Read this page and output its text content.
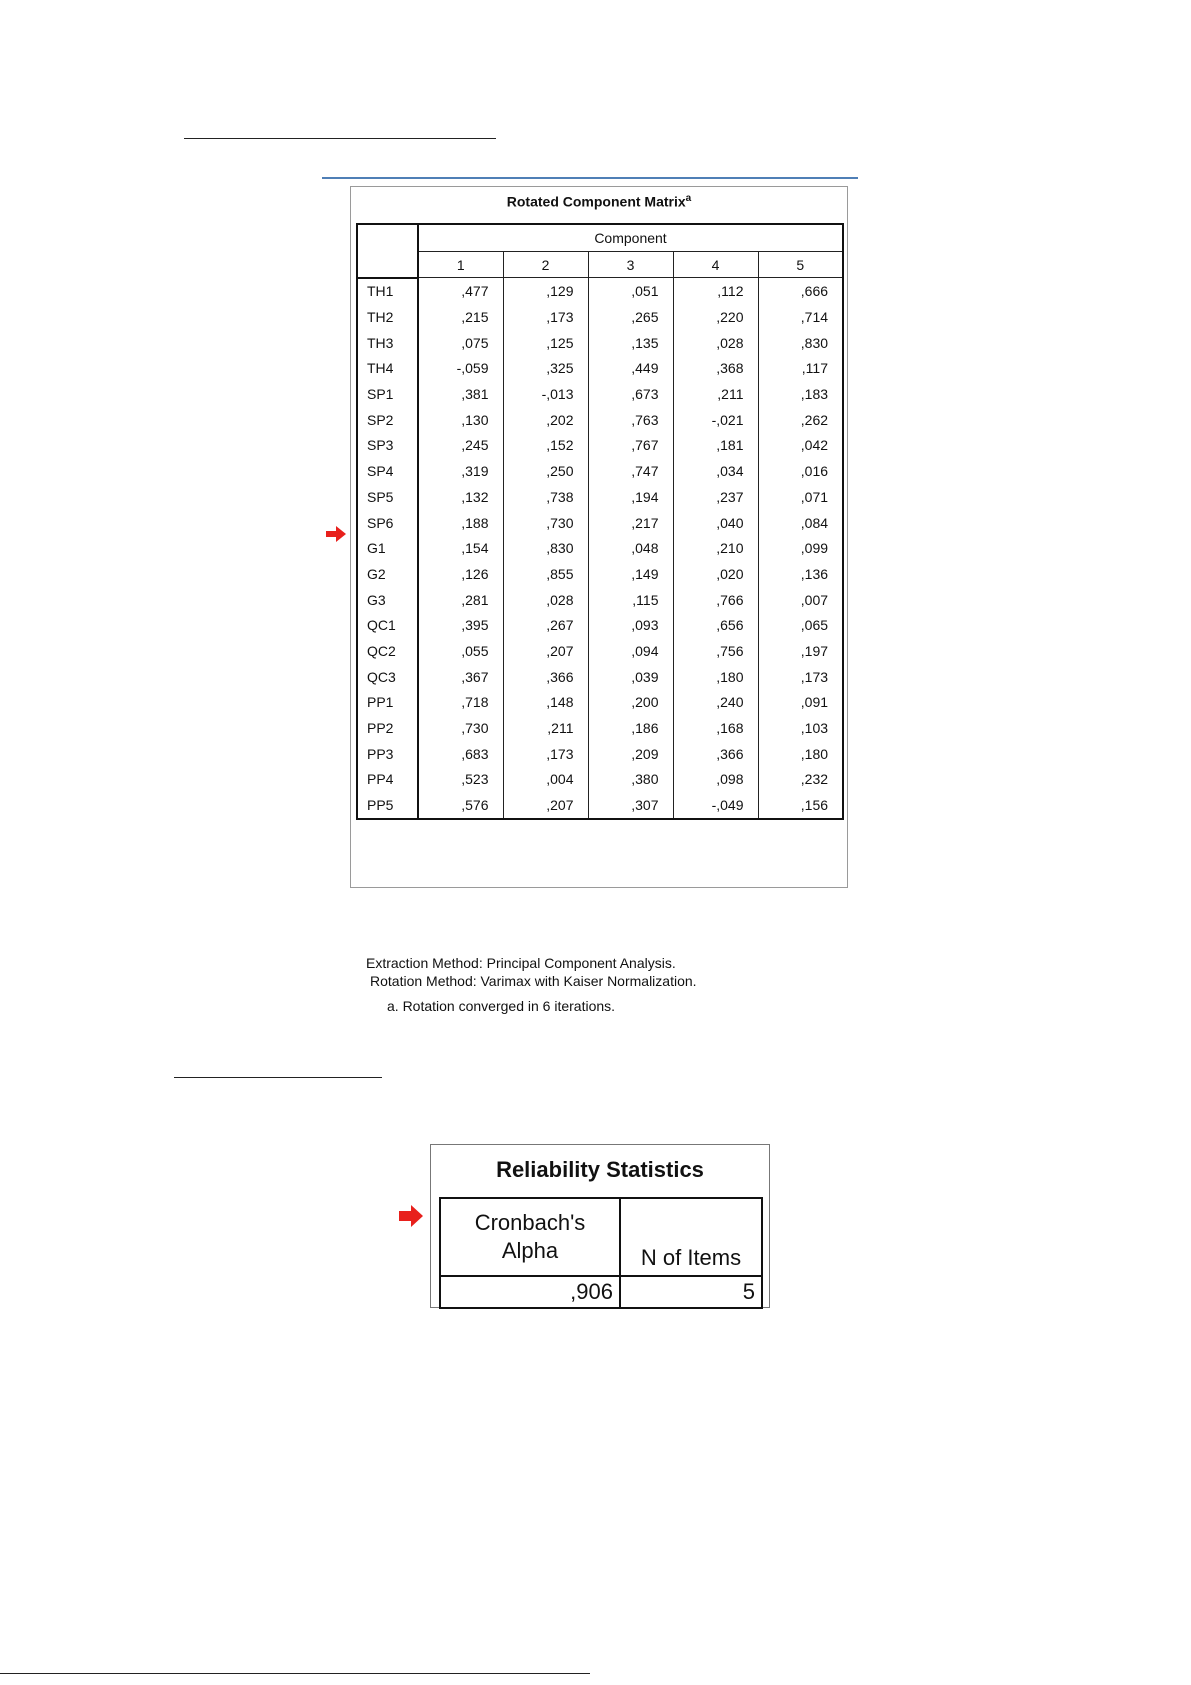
Rotated Component Matrix$^a$
	Component				
	1	2	3	4	5
TH1	,477	,129	,051	,112	,666
TH2	,215	,173	,265	,220	,714
TH3	,075	,125	,135	,028	,830
TH4	-,059	,325	,449	,368	,117
SP1	,381	-,013	,673	,211	,183
SP2	,130	,202	,763	-,021	,262
SP3	,245	,152	,767	,181	,042
SP4	,319	,250	,747	,034	,016
SP5	,132	,738	,194	,237	,071
SP6	,188	,730	,217	,040	,084
G1	,154	,830	,048	,210	,099
G2	,126	,855	,149	,020	,136
G3	,281	,028	,115	,766	,007
QC1	,395	,267	,093	,656	,065
QC2	,055	,207	,094	,756	,197
QC3	,367	,366	,039	,180	,173
PP1	,718	,148	,200	,240	,091
PP2	,730	,211	,186	,168	,103
PP3	,683	,173	,209	,366	,180
PP4	,523	,004	,380	,098	,232
PP5	,576	,207	,307	-,049	,156
Extraction Method: Principal Component Analysis.
Rotation Method: Varimax with Kaiser Normalization.
a. Rotation converged in 6 iterations.
Reliability Statistics
Cronbach's
Alpha	N of Items
,906	5
